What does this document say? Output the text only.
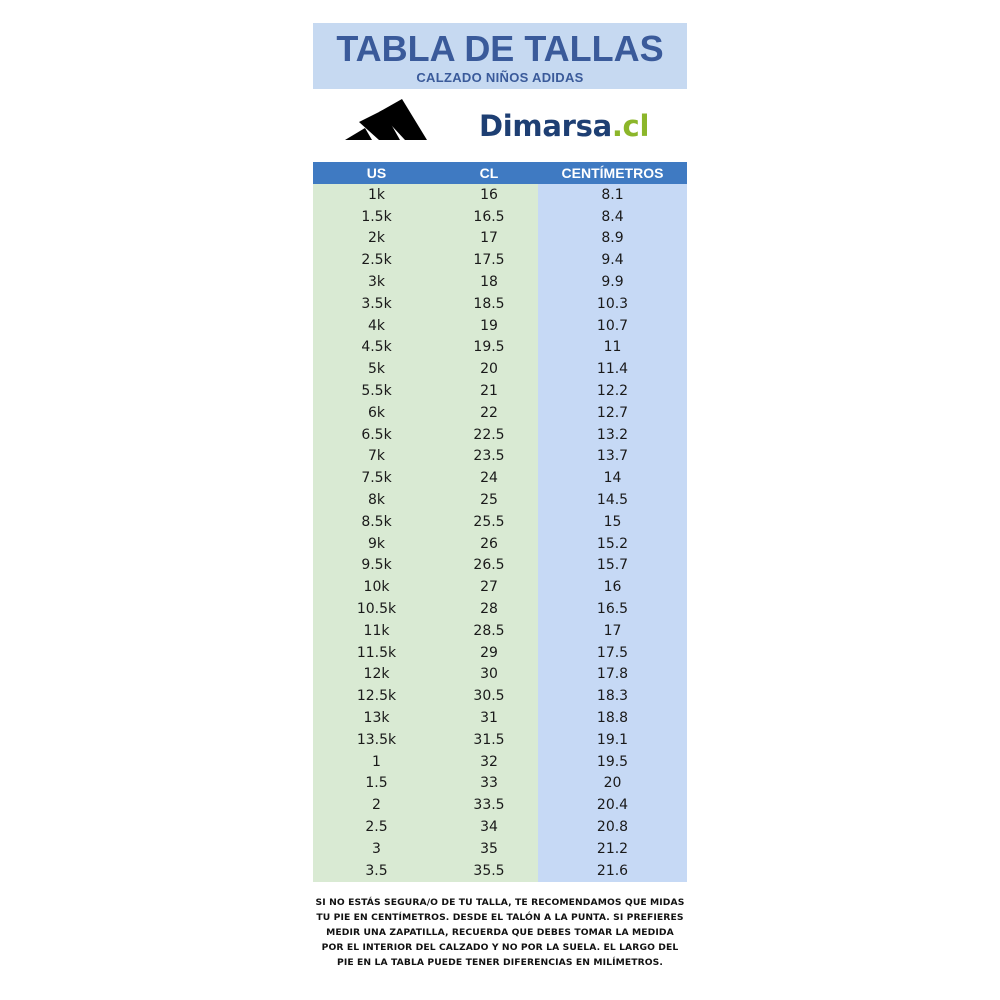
TABLA DE TALLAS
CALZADO NIÑOS ADIDAS
Dimarsa.cl
US	CL	CENTÍMETROS
1k	16	8.1
1.5k	16.5	8.4
2k	17	8.9
2.5k	17.5	9.4
3k	18	9.9
3.5k	18.5	10.3
4k	19	10.7
4.5k	19.5	11
5k	20	11.4
5.5k	21	12.2
6k	22	12.7
6.5k	22.5	13.2
7k	23.5	13.7
7.5k	24	14
8k	25	14.5
8.5k	25.5	15
9k	26	15.2
9.5k	26.5	15.7
10k	27	16
10.5k	28	16.5
11k	28.5	17
11.5k	29	17.5
12k	30	17.8
12.5k	30.5	18.3
13k	31	18.8
13.5k	31.5	19.1
1	32	19.5
1.5	33	20
2	33.5	20.4
2.5	34	20.8
3	35	21.2
3.5	35.5	21.6
SI NO ESTÁS SEGURA/O DE TU TALLA, TE RECOMENDAMOS QUE MIDAS
TU PIE EN CENTÍMETROS. DESDE EL TALÓN A LA PUNTA. SI PREFIERES
MEDIR UNA ZAPATILLA, RECUERDA QUE DEBES TOMAR LA MEDIDA
POR EL INTERIOR DEL CALZADO Y NO POR LA SUELA. EL LARGO DEL
PIE EN LA TABLA PUEDE TENER DIFERENCIAS EN MILÍMETROS.
